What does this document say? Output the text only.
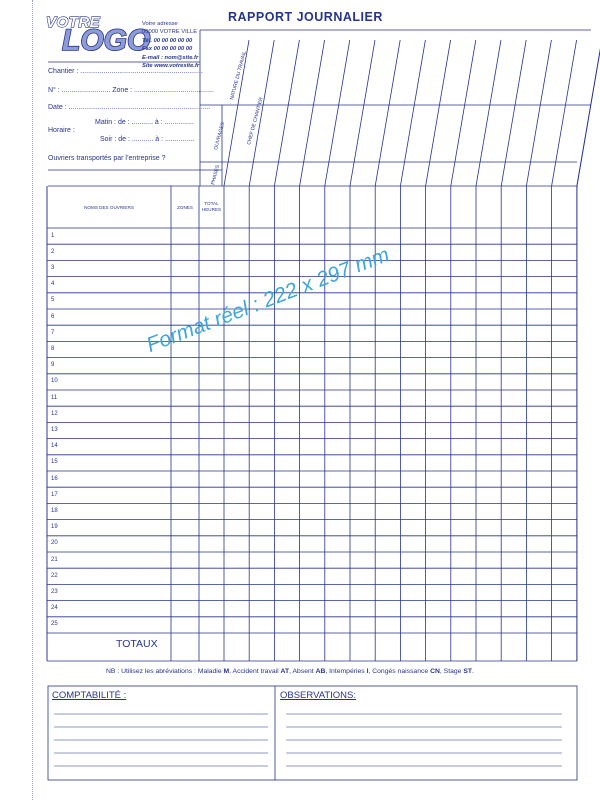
VOTRE
LOGO
Votre adresse
00000 VOTRE VILLE
Tél. 00 00 00 00 00
Fax 00 00 00 00 00
E-mail : nom@site.fr
Site www.votresite.fr
RAPPORT JOURNALIER
Chantier : ...............................................................
N° : ......................... Zone : .........................................
Date : .........................................................................
Matin : de : ........... à : ...............
Horaire :
Soir : de : ........... à : ...............
Ouvriers transportés par l’entreprise ?
NATURE DU TRAVAIL
CHEF DE CHANTIER
OUVRAGES
PHASES
NOMS DES OUVRIERS	ZONES
TOTAL
HEURES
1
2
3
4
5
6
7
8
9
10
11
12
13
14
15
16
17
18
19
20
21
22
23
24
25
TOTAUX
Format réel : 222 x 297 mm
NB : Utilisez les abréviations : Maladie M, Accident travail AT, Absent AB, Intempéries I, Congés naissance CN, Stage ST.
COMPTABILITÉ :	OBSERVATIONS:
